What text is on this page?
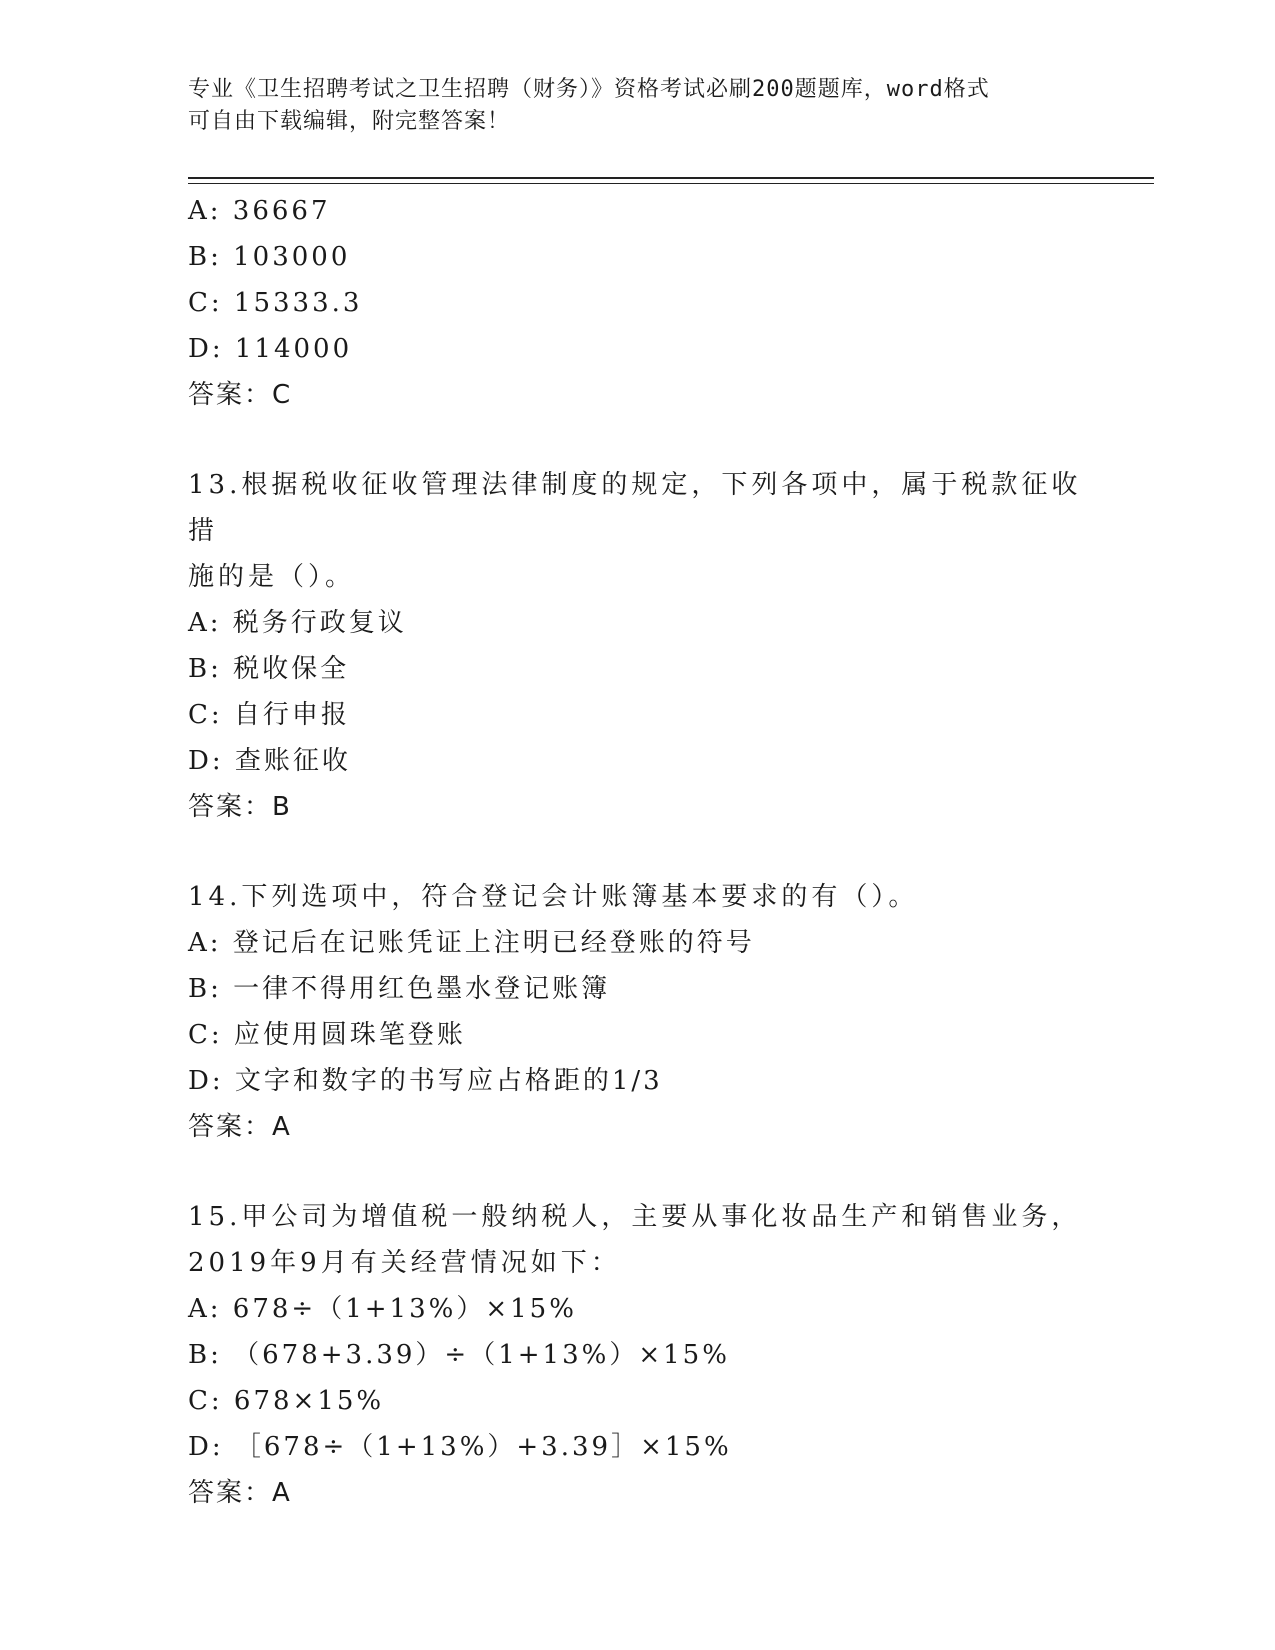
专业《卫生招聘考试之卫生招聘（财务）》资格考试必刷200题题库，word格式
可自由下载编辑，附完整答案！
A: 36667
B: 103000
C: 15333.3
D: 114000
答案：C
13.根据税收征收管理法律制度的规定，下列各项中，属于税款征收措
施的是（）。
A: 税务行政复议
B: 税收保全
C: 自行申报
D: 查账征收
答案：B
14.下列选项中，符合登记会计账簿基本要求的有（）。
A: 登记后在记账凭证上注明已经登账的符号
B: 一律不得用红色墨水登记账簿
C: 应使用圆珠笔登账
D: 文字和数字的书写应占格距的1/3
答案：A
15.甲公司为增值税一般纳税人，主要从事化妆品生产和销售业务，
2019年9月有关经营情况如下：
A: 678÷（1+13%）×15%
B: （678+3.39）÷（1+13%）×15%
C: 678×15%
D: ［678÷（1+13%）+3.39］×15%
答案：A
